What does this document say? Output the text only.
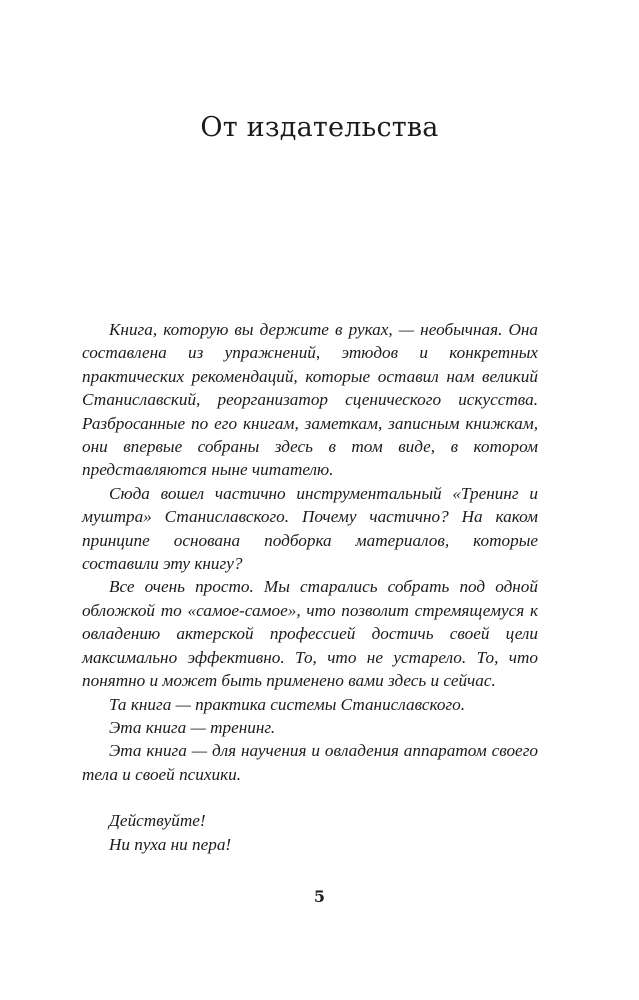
От издательства

Книга, которую вы держите в руках, — необычная. Она составлена из упражнений, этюдов и конкретных практических рекомендаций, которые оставил нам великий Станиславский, реорганизатор сценического искусства. Разбросанные по его книгам, заметкам, записным книжкам, они впервые собраны здесь в том виде, в котором представляются ныне читателю.

Сюда вошел частично инструментальный «Тренинг и муштра» Станиславского. Почему частично? На каком принципе основана подборка материалов, которые составили эту книгу?

Все очень просто. Мы старались собрать под одной обложкой то «самое-самое», что позволит стремящемуся к овладению актерской профессией достичь своей цели максимально эффективно. То, что не устарело. То, что понятно и может быть применено вами здесь и сейчас.

Та книга — практика системы Станиславского.

Эта книга — тренинг.

Эта книга — для научения и овладения аппаратом своего тела и своей психики.

Действуйте!

Ни пуха ни пера!

5
